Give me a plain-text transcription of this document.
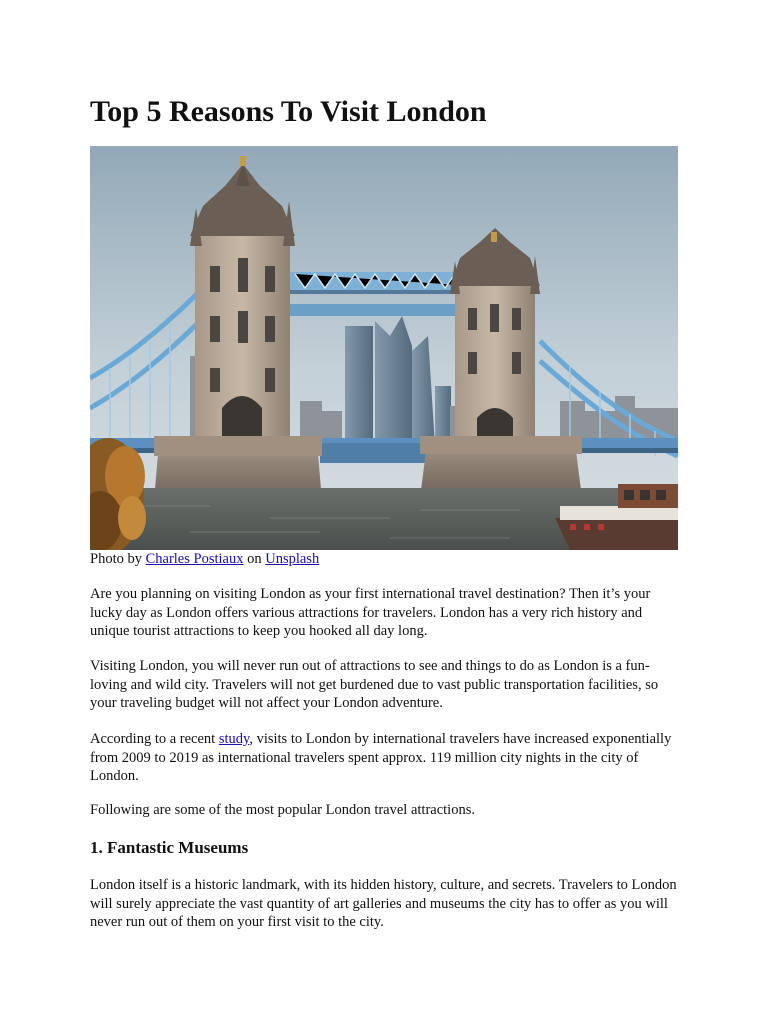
Top 5 Reasons To Visit London
Photo by Charles Postiaux on Unsplash

Are you planning on visiting London as your first international travel destination? Then it’s your lucky day as London offers various attractions for travelers. London has a very rich history and unique tourist attractions to keep you hooked all day long.

Visiting London, you will never run out of attractions to see and things to do as London is a fun-loving and wild city. Travelers will not get burdened due to vast public transportation facilities, so your traveling budget will not affect your London adventure.

According to a recent study, visits to London by international travelers have increased exponentially from 2009 to 2019 as international travelers spent approx. 119 million city nights in the city of London.

Following are some of the most popular London travel attractions.

1. Fantastic Museums

London itself is a historic landmark, with its hidden history, culture, and secrets. Travelers to London will surely appreciate the vast quantity of art galleries and museums the city has to offer as you will never run out of them on your first visit to the city.
